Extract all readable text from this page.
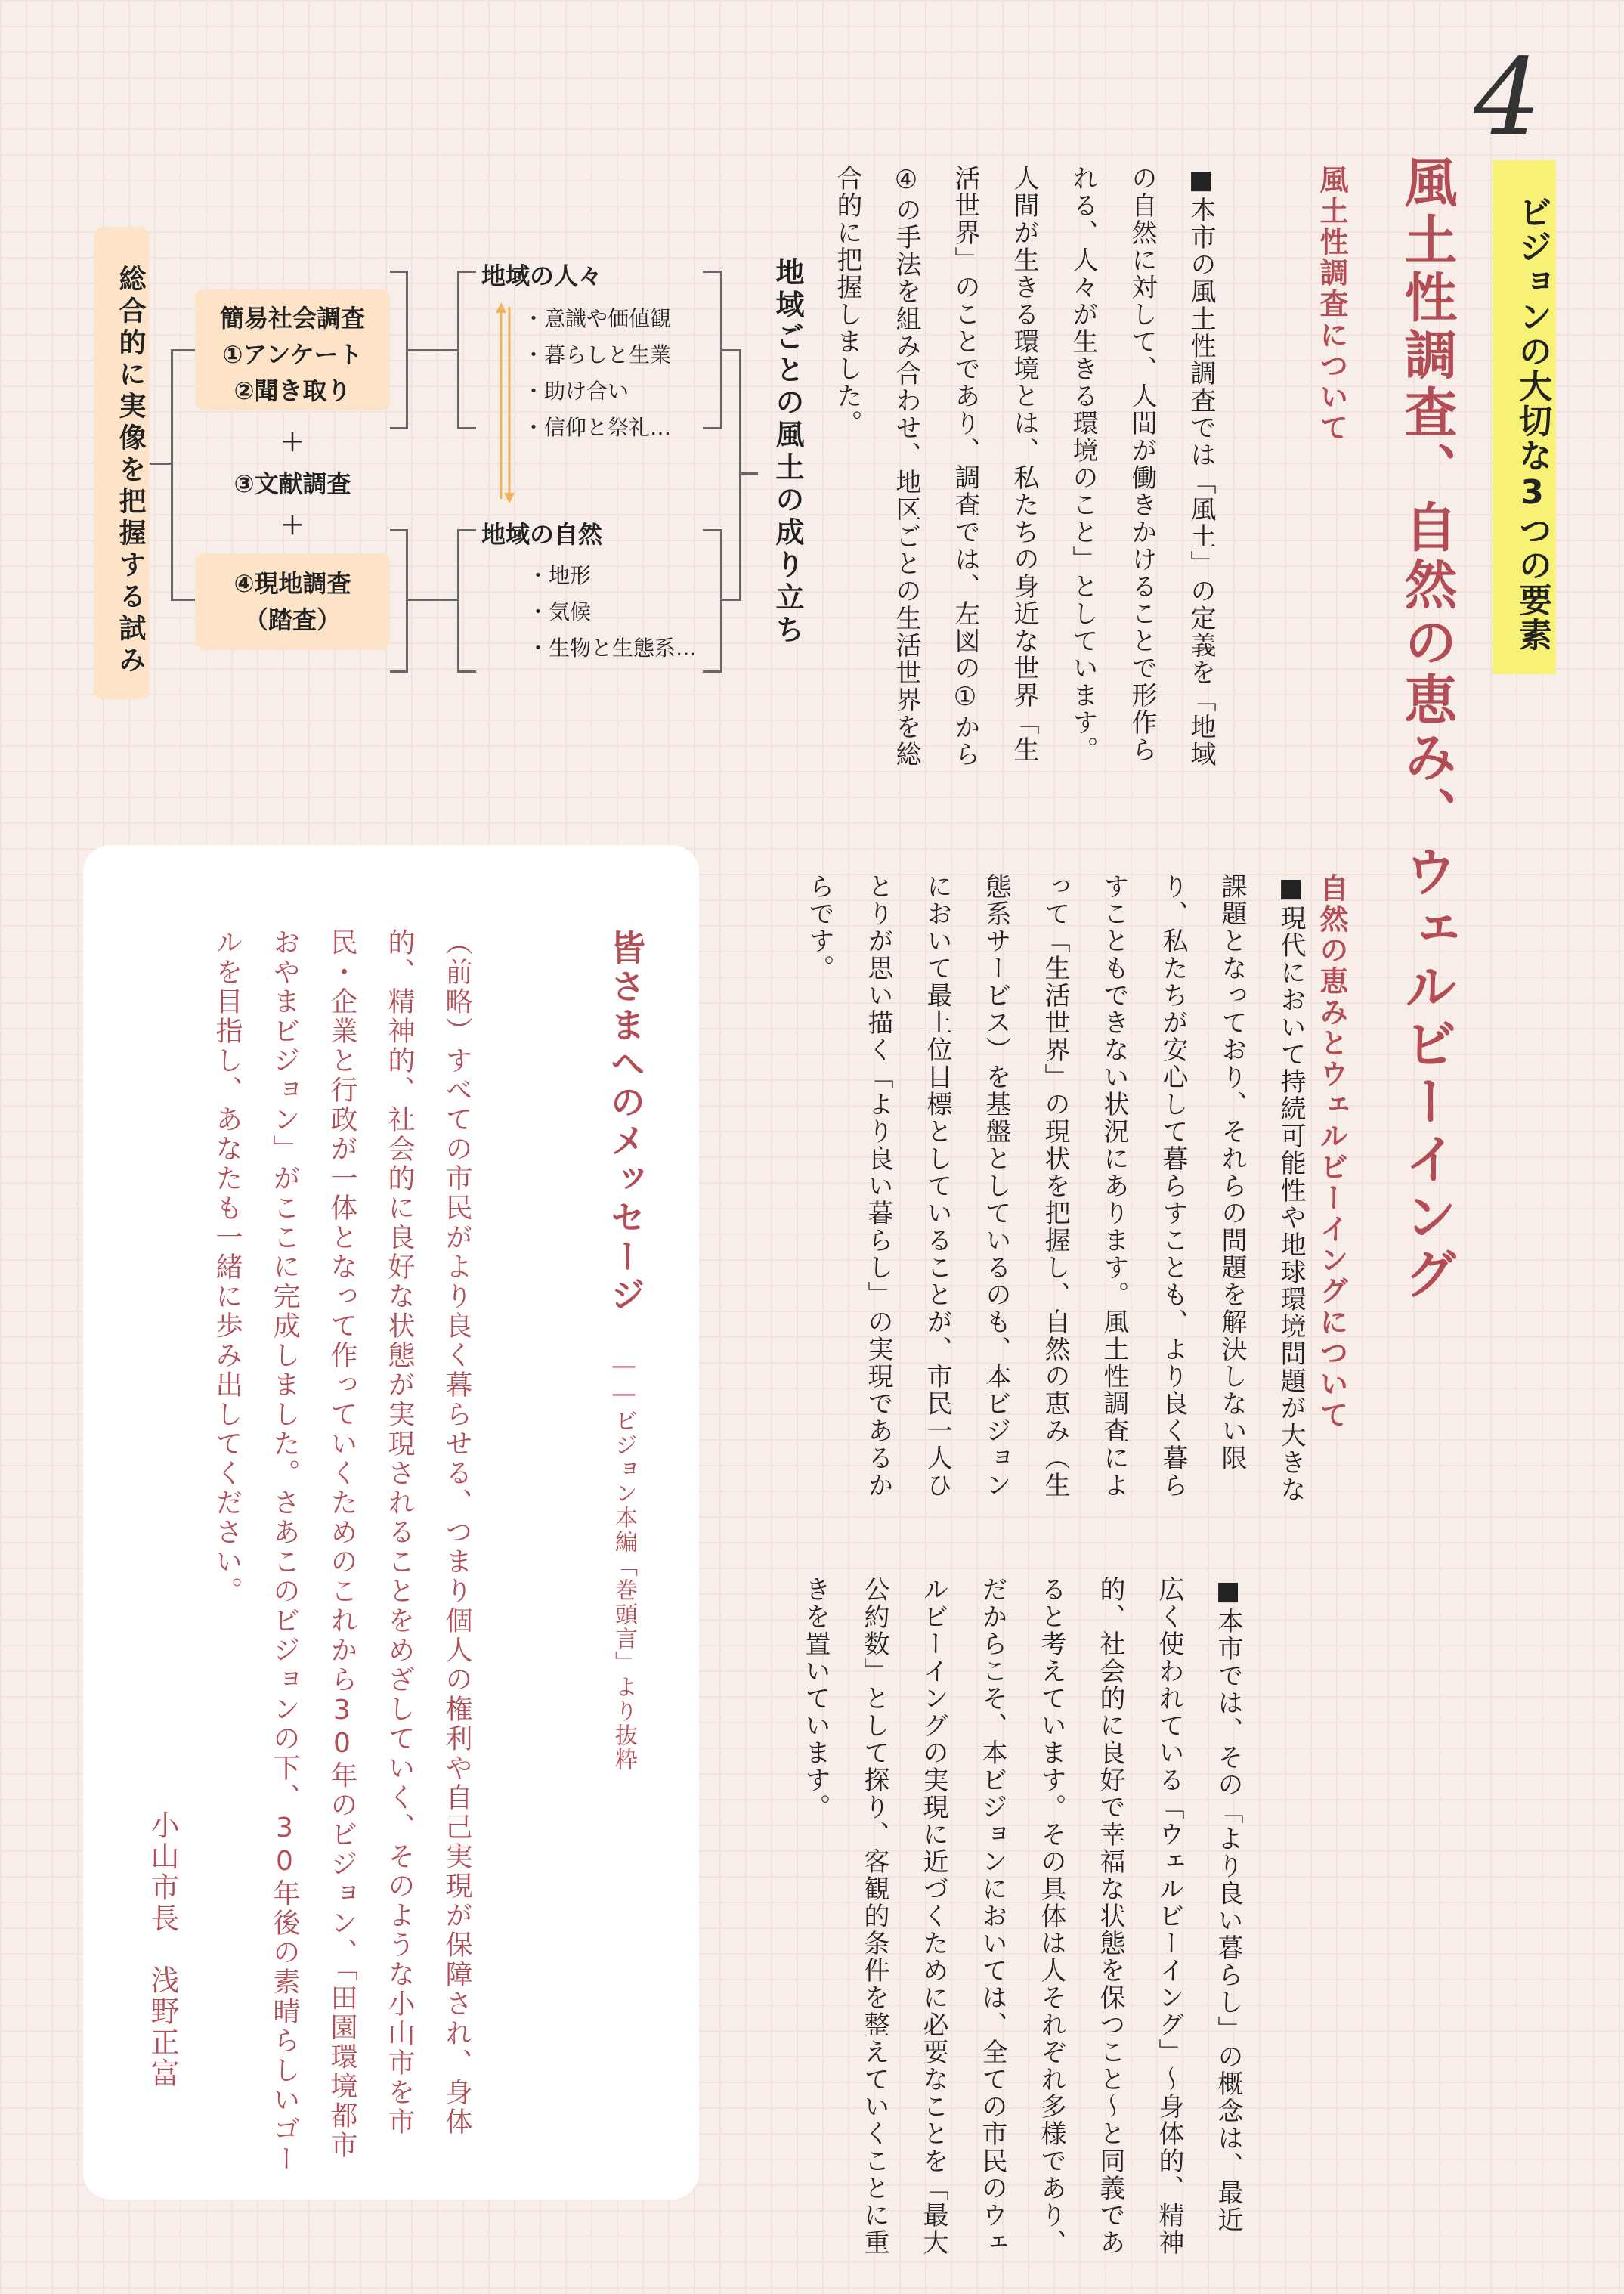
4
ビジョンの大切な3つの要素
風土性調査、自然の恵み、ウェルビーイング
風土性調査について
■本市の風土性調査では「風土」の定義を「地域の自然に対して、人間が働きかけることで形作られる、人々が生きる環境のこと」としています。人間が生きる環境とは、私たちの身近な世界「生活世界」のことであり、調査では、左図の①から④の手法を組み合わせ、地区ごとの生活世界を総合的に把握しました。
自然の恵みとウェルビーイングについて
■現代において持続可能性や地球環境問題が大きな課題となっており、それらの問題を解決しない限り、私たちが安心して暮らすことも、より良く暮らすこともできない状況にあります。風土性調査によって「生活世界」の現状を把握し、自然の恵み（生態系サービス）を基盤としているのも、本ビジョンにおいて最上位目標としていることが、市民一人ひとりが思い描く「より良い暮らし」の実現であるからです。
■本市では、その「より良い暮らし」の概念は、最近広く使われている「ウェルビーイング」～身体的、精神的、社会的に良好で幸福な状態を保つこと～と同義であると考えています。その具体は人それぞれ多様であり、だからこそ、本ビジョンにおいては、全ての市民のウェルビーイングの実現に近づくために必要なことを「最大公約数」として探り、客観的条件を整えていくことに重きを置いています。
地域ごとの風土の成り立ち
総合的に実像を把握する試み	簡易社会調査
①アンケート
②聞き取り
＋
③文献調査
＋
④現地調査
（踏査）
地域の人々
・意識や価値観
・暮らしと生業
・助け合い
・信仰と祭礼…
地域の自然
・地形
・気候
・生物と生態系…
皆さまへのメッセージ
――ビジョン本編「巻頭言」より抜粋
（前略）すべての市民がより良く暮らせる、つまり個人の権利や自己実現が保障され、身体的、精神的、社会的に良好な状態が実現されることをめざしていく、そのような小山市を市民・企業と行政が一体となって作っていくためのこれから30年のビジョン、「田園環境都市おやまビジョン」がここに完成しました。さあこのビジョンの下、30年後の素晴らしいゴールを目指し、あなたも一緒に歩み出してください。
小山市長　浅野正富
